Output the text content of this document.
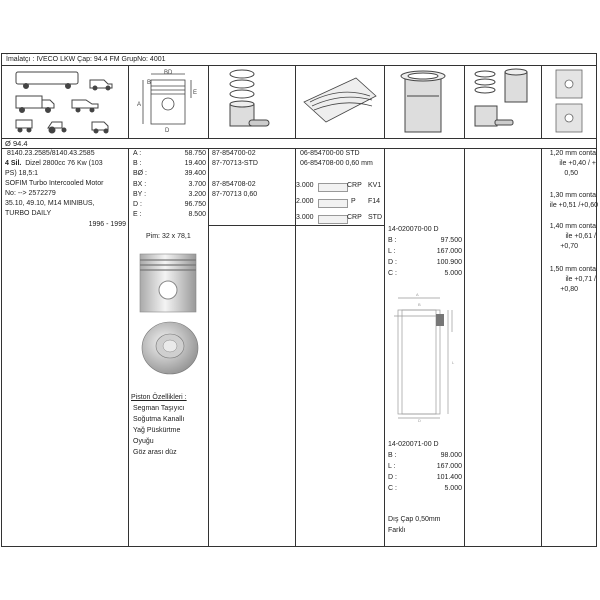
İmalatçı : IVECO LKW Çap: 94.4 FM GrupNo: 4001
B
BD
A
E
D
Ø 94.4
8140.23.2585/8140.43.2585
4 Sil. Dizel 2800cc 76 Kw (103
PS) 18,5:1
SOFIM Turbo Intercooled Motor
No: --> 2572279
35.10, 49.10, M14 MINIBUS,
TURBO DAILY
1996 - 1999
A :	58.750
B :	19.400
BØ :	39.400
BX :	3.700
BY :	3.200
D :	96.750
E :	8.500
Pim: 32 x 78,1
Piston Özellikleri :
Segman Taşıyıcı
Soğutma Kanallı
Yağ Püskürtme
Oyuğu
Göz arası düz
87-854700-02
87-70713-STD
87-854708-02
87-70713 0,60
06-854700-00 STD
06-854708-00 0,60 mm
3.000	CRP KV1
2.000	P F14
3.000	CRP STD
14-020070-00 D
B :	97.500
L :	167.000
D :	100.900
C :	5.000
A
B
L
D
14-020071-00 D
B :	98.000
L :	167.000
D :	101.400
C :	5.000
Dış Çap 0,50mm
Farklı
1,20 mm conta
ile +0,40 / +
0,50
1,30 mm conta
ile +0,51 /+0,60
1,40 mm conta
ile +0,61 /
+0,70
1,50 mm conta
ile +0,71 /
+0,80
